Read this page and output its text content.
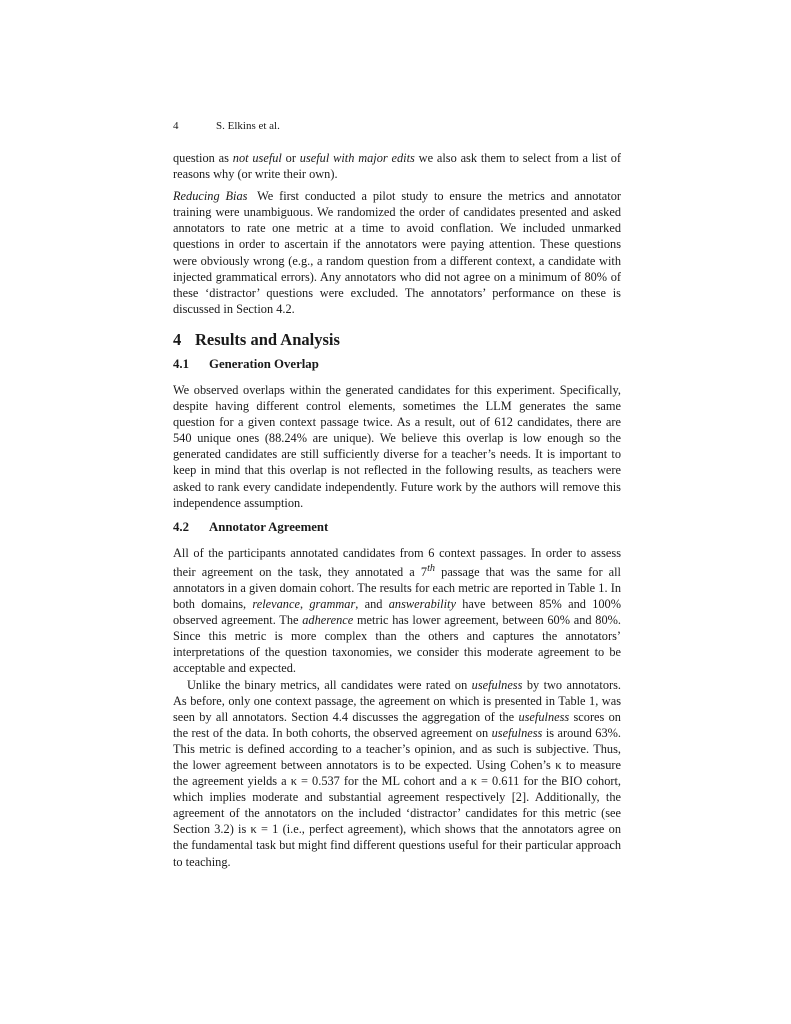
4	S. Elkins et al.

question as not useful or useful with major edits we also ask them to select from a list of reasons why (or write their own).

Reducing Bias We first conducted a pilot study to ensure the metrics and annotator training were unambiguous. We randomized the order of candidates presented and asked annotators to rate one metric at a time to avoid conflation. We included unmarked questions in order to ascertain if the annotators were paying attention. These questions were obviously wrong (e.g., a random question from a different context, a candidate with injected grammatical errors). Any annotators who did not agree on a minimum of 80% of these ‘distractor’ questions were excluded. The annotators’ performance on these is discussed in Section 4.2.

4 Results and Analysis
4.1 Generation Overlap

We observed overlaps within the generated candidates for this experiment. Specifically, despite having different control elements, sometimes the LLM generates the same question for a given context passage twice. As a result, out of 612 candidates, there are 540 unique ones (88.24% are unique). We believe this overlap is low enough so the generated candidates are still sufficiently diverse for a teacher’s needs. It is important to keep in mind that this overlap is not reflected in the following results, as teachers were asked to rank every candidate independently. Future work by the authors will remove this independence assumption.

4.2 Annotator Agreement

All of the participants annotated candidates from 6 context passages. In order to assess their agreement on the task, they annotated a 7th passage that was the same for all annotators in a given domain cohort. The results for each metric are reported in Table 1. In both domains, relevance, grammar, and answerability have between 85% and 100% observed agreement. The adherence metric has lower agreement, between 60% and 80%. Since this metric is more complex than the others and captures the annotators’ interpretations of the question taxonomies, we consider this moderate agreement to be acceptable and expected.

Unlike the binary metrics, all candidates were rated on usefulness by two annotators. As before, only one context passage, the agreement on which is presented in Table 1, was seen by all annotators. Section 4.4 discusses the aggregation of the usefulness scores on the rest of the data. In both cohorts, the observed agreement on usefulness is around 63%. This metric is defined according to a teacher’s opinion, and as such is subjective. Thus, the lower agreement between annotators is to be expected. Using Cohen’s κ to measure the agreement yields a κ = 0.537 for the ML cohort and a κ = 0.611 for the BIO cohort, which implies moderate and substantial agreement respectively [2]. Additionally, the agreement of the annotators on the included ‘distractor’ candidates for this metric (see Section 3.2) is κ = 1 (i.e., perfect agreement), which shows that the annotators agree on the fundamental task but might find different questions useful for their particular approach to teaching.
